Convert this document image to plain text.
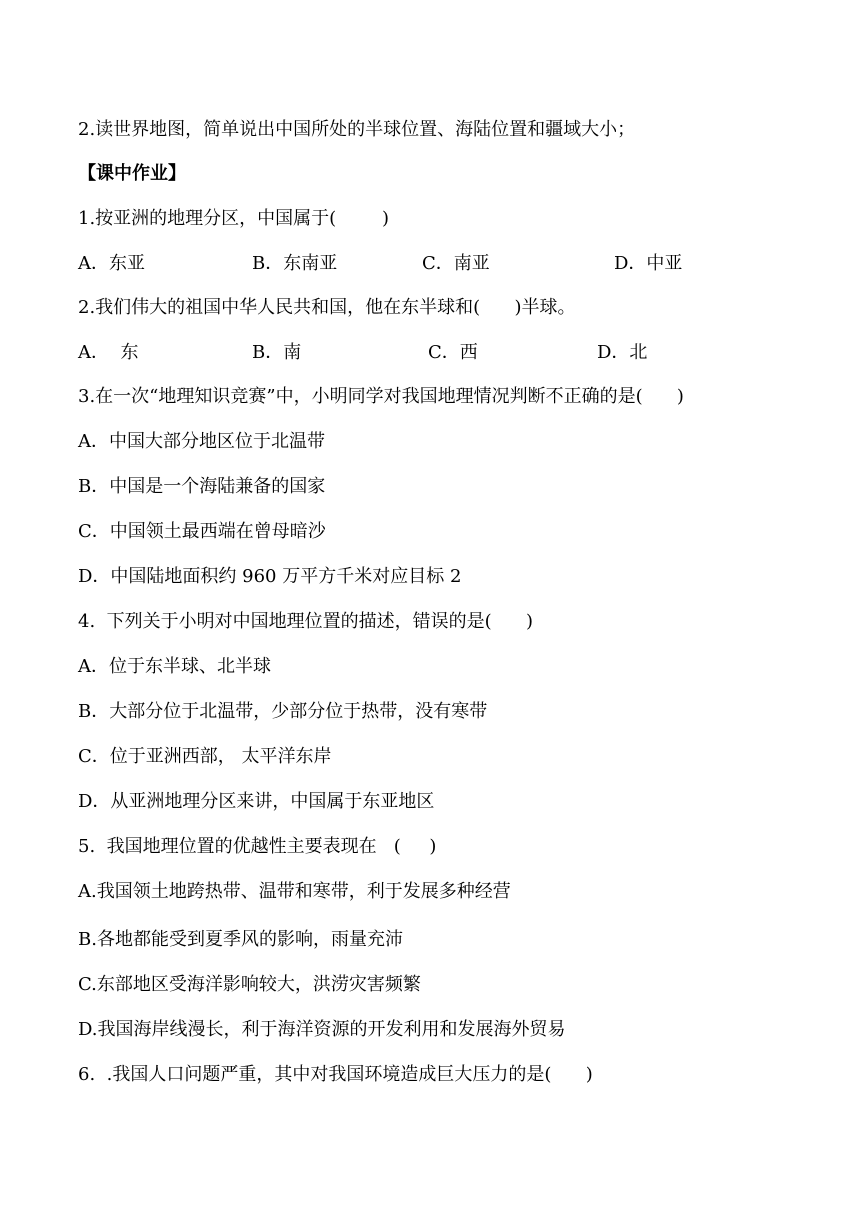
2.读世界地图，简单说出中国所处的半球位置、海陆位置和疆域大小；
【课中作业】
1.按亚洲的地理分区，中国属于(        )

A．东亚

	B．东南亚

	C．南亚

	D．中亚

2.我们伟大的祖国中华人民共和国，他在东半球和(      )半球。

A．  东

	B．南

	C．西

	D．北

3.在一次“地理知识竞赛”中，小明同学对我国地理情况判断不正确的是(      )
A．中国大部分地区位于北温带
B．中国是一个海陆兼备的国家
C．中国领土最西端在曾母暗沙
D．中国陆地面积约 960 万平方千米对应目标 2
4.  下列关于小明对中国地理位置的描述，错误的是(      )
A．位于东半球、北半球
B．大部分位于北温带，少部分位于热带，没有寒带
C．位于亚洲西部， 太平洋东岸
D．从亚洲地理分区来讲，中国属于东亚地区
5.  我国地理位置的优越性主要表现在   (     )
A.我国领土地跨热带、温带和寒带，利于发展多种经营
B.各地都能受到夏季风的影响，雨量充沛
C.东部地区受海洋影响较大，洪涝灾害频繁
D.我国海岸线漫长，利于海洋资源的开发利用和发展海外贸易
6.  .我国人口问题严重，其中对我国环境造成巨大压力的是(      )
